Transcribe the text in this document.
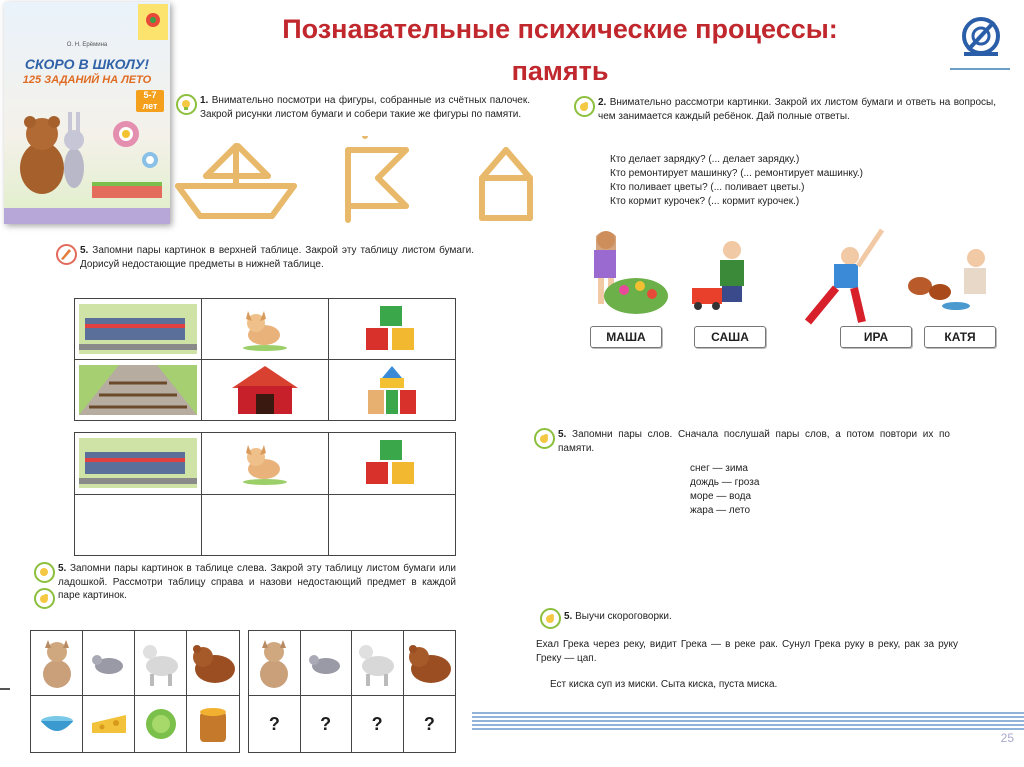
Познавательные психические процессы:
память
О. Н. Ерёмина
СКОРО В ШКОЛУ!
125 ЗАДАНИЙ НА ЛЕТО
5-7 лет	1. Внимательно посмотри на фигуры, собранные из счётных палочек. Закрой рисунки листом бумаги и собери такие же фигуры по памяти.
5. Запомни пары картинок в верхней таблице. Закрой эту таблицу листом бумаги. Дорисуй недостающие предметы в нижней таблице.

5. Запомни пары картинок в таблице слева. Закрой эту таблицу листом бумаги или ладошкой. Рассмотри таблицу справа и назови недостающий предмет в каждой паре картинок.

?	?	?	?
2. Внимательно рассмотри картинки. Закрой их листом бумаги и ответь на вопросы, чем занимается каждый ребёнок. Дай полные ответы.
Кто делает зарядку? (... делает зарядку.)
Кто ремонтирует машинку? (... ремонтирует машинку.)
Кто поливает цветы? (... поливает цветы.)
Кто кормит курочек? (... кормит курочек.)
МАША	САША	ИРА	КАТЯ
5. Запомни пары слов. Сначала послушай пары слов, а потом повтори их по памяти.
снег — зима
дождь — гроза
море — вода
жара — лето
5. Выучи скороговорки.
Ехал Грека через реку, видит Грека — в реке рак. Сунул Грека руку в реку, рак за руку Греку — цап.
Ест киска суп из миски. Сыта киска, пуста миска.
25
